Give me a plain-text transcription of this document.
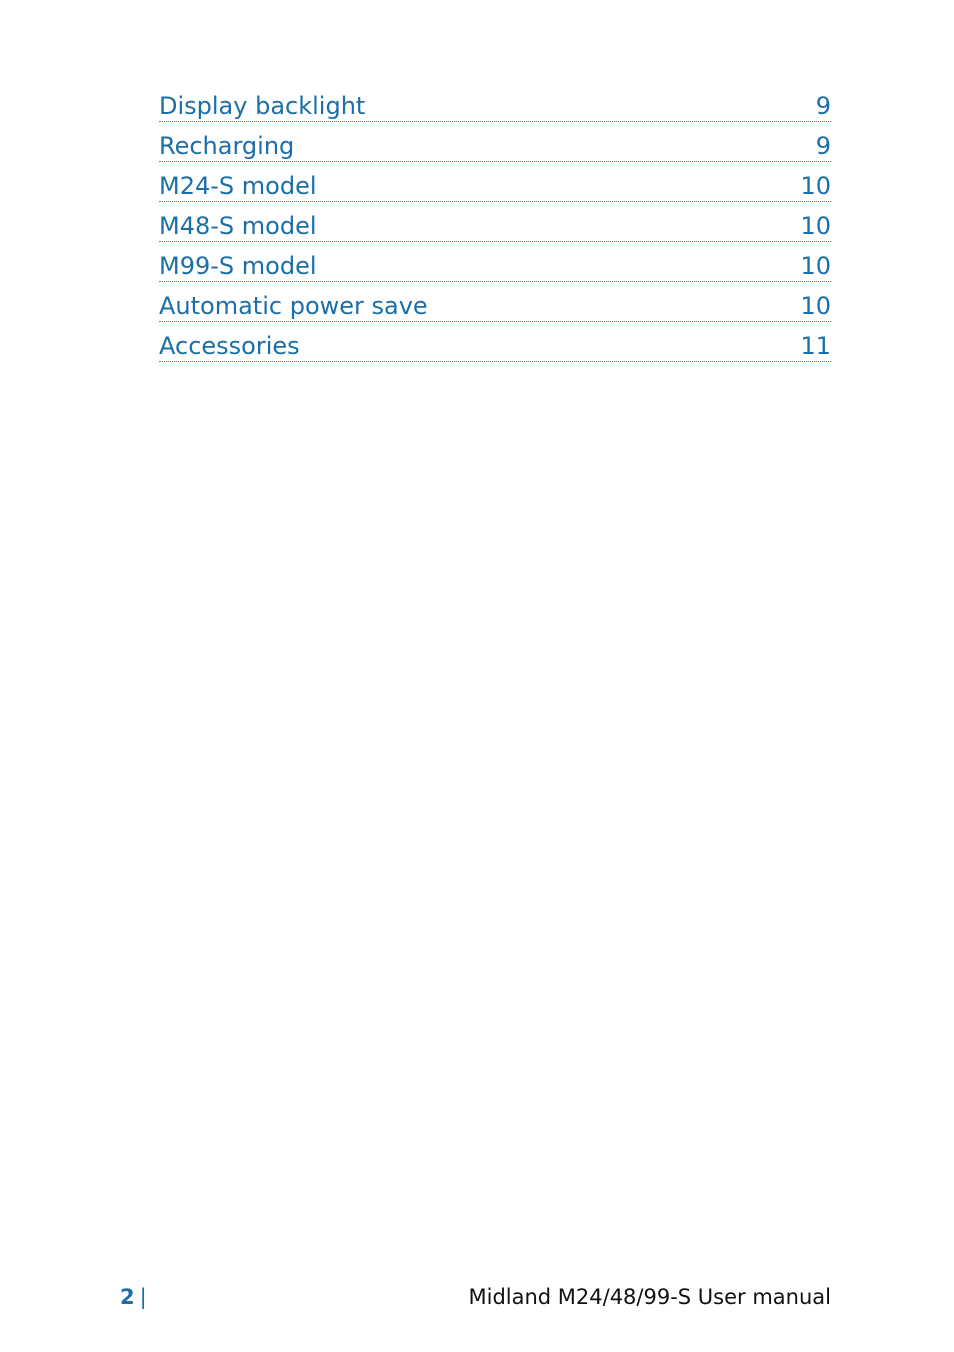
Display backlight	9
Recharging	9
M24-S model	10
M48-S model	10
M99-S model	10
Automatic power save	10
Accessories	11
2 |	Midland M24/48/99-S User manual
